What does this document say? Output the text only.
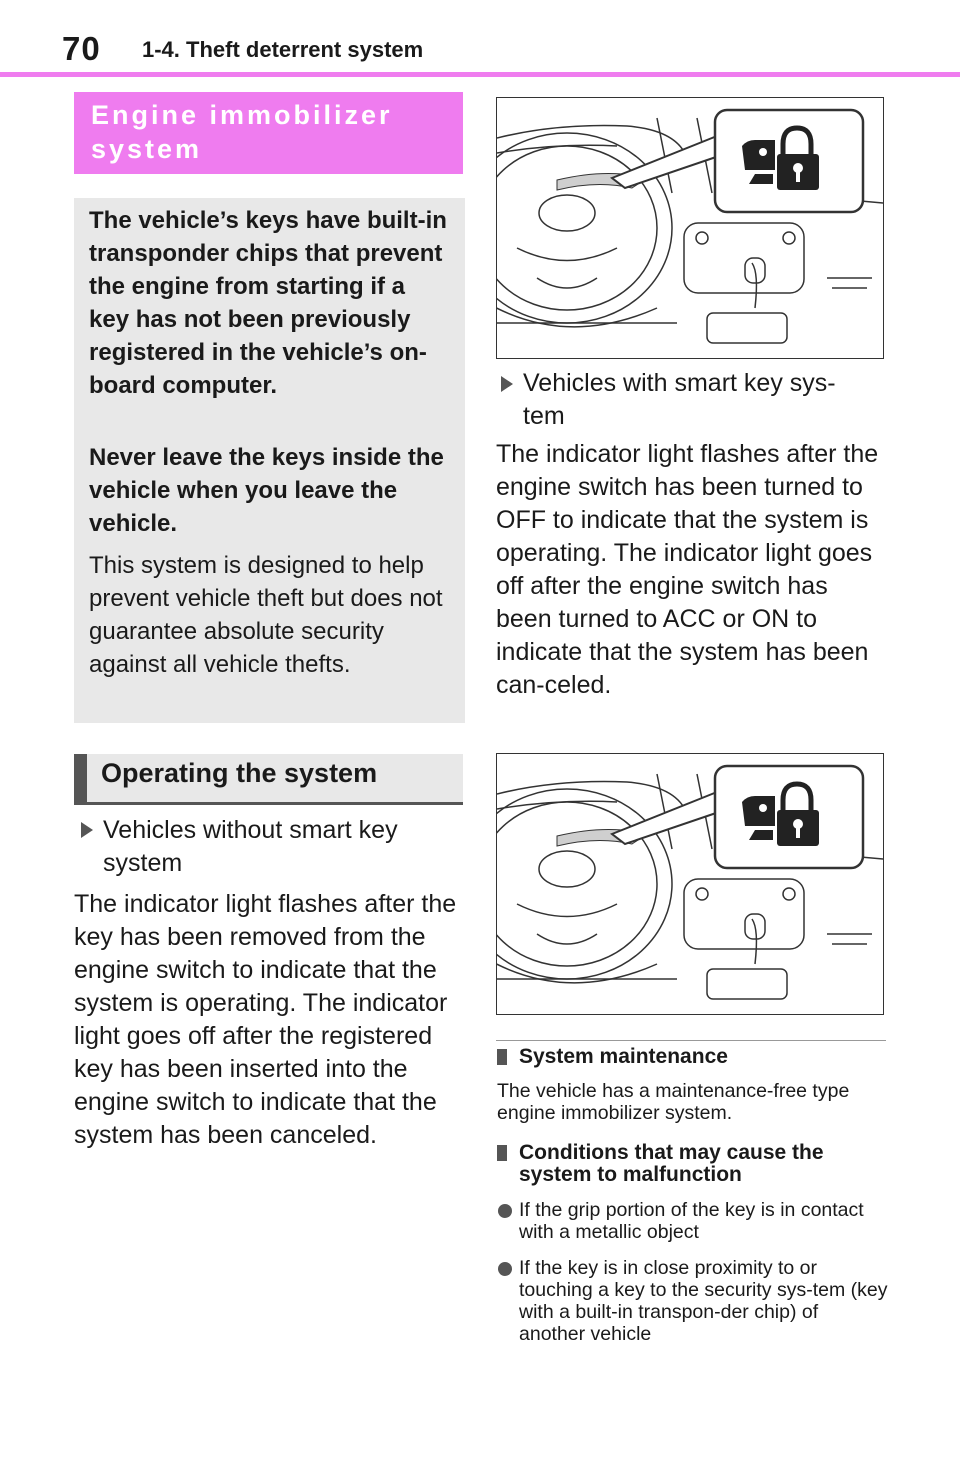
70 1-4. Theft deterrent system
Engine immobilizer
system
The vehicle’s keys have built-in transponder chips that prevent the engine from starting if a key has not been previously registered in the vehicle’s on-board computer.
Never leave the keys inside the vehicle when you leave the vehicle.
This system is designed to help prevent vehicle theft but does not guarantee absolute security against all vehicle thefts.
Operating the system
Vehicles without smart key
system
The indicator light flashes after the key has been removed from the engine switch to indicate that the system is operating. The indicator light goes off after the registered key has been inserted into the engine switch to indicate that the system has been canceled.
Vehicles with smart key sys-
tem
The indicator light flashes after the engine switch has been turned to OFF to indicate that the system is operating. The indicator light goes off after the engine switch has been turned to ACC or ON to indicate that the system has been can-celed.
System maintenance
The vehicle has a maintenance-free type engine immobilizer system.
Conditions that may cause the
system to malfunction
If the grip portion of the key is in contact with a metallic object
If the key is in close proximity to or touching a key to the security sys-tem (key with a built-in transpon-der chip) of another vehicle
